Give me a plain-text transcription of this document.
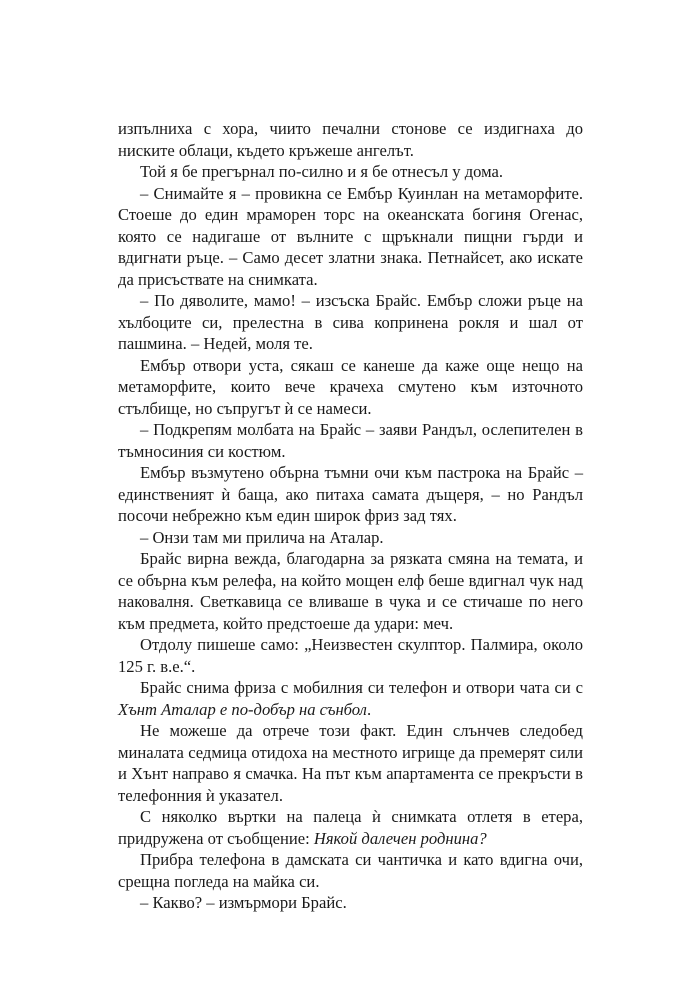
изпълниха с хора, чиито печални стонове се издигнаха до ниските облаци, където кръжеше ангелът.

Той я бе прегърнал по-силно и я бе отнесъл у дома.

– Снимайте я – провикна се Ембър Куинлан на метаморфите. Стоеше до един мраморен торс на океанската богиня Огенас, която се надигаше от вълните с щръкнали пищни гърди и вдигнати ръце. – Само десет златни знака. Петнайсет, ако искате да присъствате на снимката.

– По дяволите, мамо! – изсъска Брайс. Ембър сложи ръце на хълбоците си, прелестна в сива копринена рокля и шал от пашмина. – Недей, моля те.

Ембър отвори уста, сякаш се канеше да каже още нещо на метаморфите, които вече крачеха смутено към източното стълбище, но съпругът ѝ се намеси.

– Подкрепям молбата на Брайс – заяви Рандъл, ослепителен в тъмносиния си костюм.

Ембър възмутено обърна тъмни очи към пастрока на Брайс – единственият ѝ баща, ако питаха самата дъщеря, – но Рандъл посочи небрежно към един широк фриз зад тях.

– Онзи там ми прилича на Аталар.

Брайс вирна вежда, благодарна за рязката смяна на темата, и се обърна към релефа, на който мощен елф беше вдигнал чук над наковалня. Светкавица се вливаше в чука и се стичаше по него към предмета, който предстоеше да удари: меч.

Отдолу пишеше само: „Неизвестен скулптор. Палмира, около 125 г. в.е.“.

Брайс снима фриза с мобилния си телефон и отвори чата си с Хънт Аталар е по-добър на сънбол.

Не можеше да отрече този факт. Един слънчев следобед миналата седмица отидоха на местното игрище да премерят сили и Хънт направо я смачка. На път към апартамента се прекръсти в телефонния ѝ указател.

С няколко въртки на палеца ѝ снимката отлетя в етера, придружена от съобщение: Някой далечен роднина?

Прибра телефона в дамската си чантичка и като вдигна очи, срещна погледа на майка си.

– Какво? – измърмори Брайс.
